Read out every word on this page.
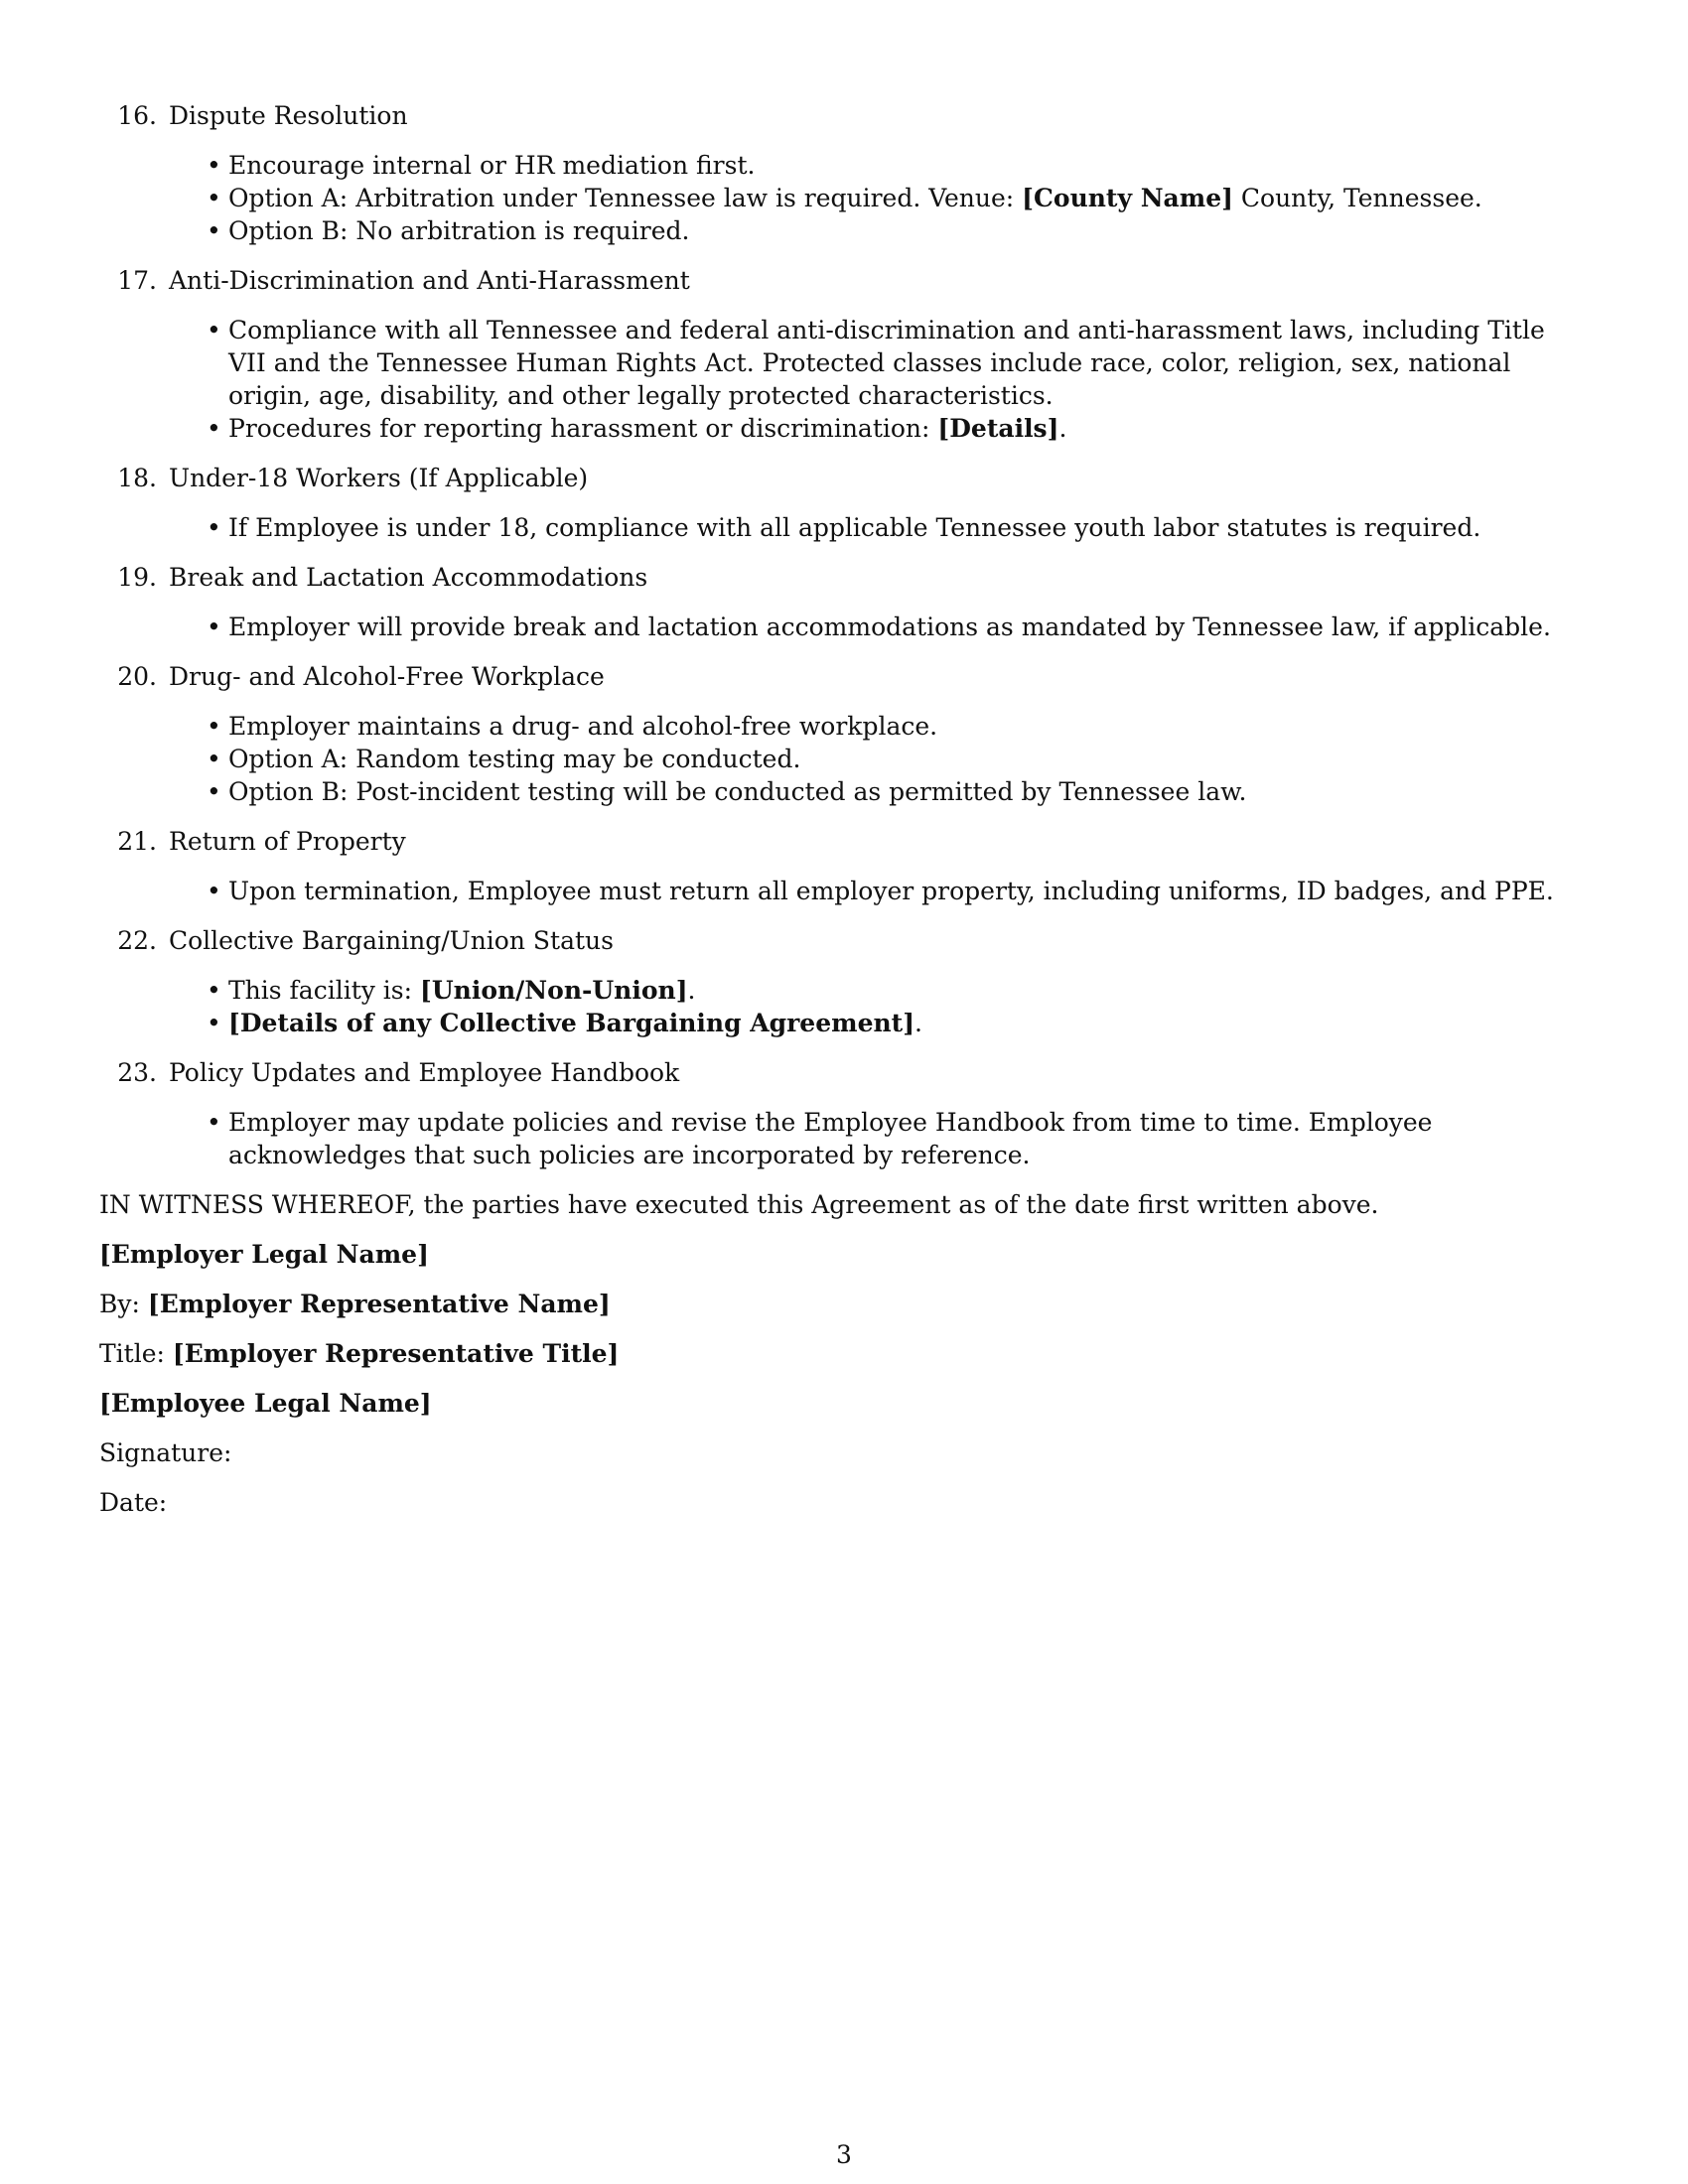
16. Dispute Resolution
• Encourage internal or HR mediation first.
• Option A: Arbitration under Tennessee law is required. Venue: [County Name] County, Tennessee.
• Option B: No arbitration is required.
17. Anti-Discrimination and Anti-Harassment
• Compliance with all Tennessee and federal anti-discrimination and anti-harassment laws, including Title VII and the Tennessee Human Rights Act. Protected classes include race, color, religion, sex, national origin, age, disability, and other legally protected characteristics.
• Procedures for reporting harassment or discrimination: [Details].
18. Under-18 Workers (If Applicable)
• If Employee is under 18, compliance with all applicable Tennessee youth labor statutes is required.
19. Break and Lactation Accommodations
• Employer will provide break and lactation accommodations as mandated by Tennessee law, if applicable.
20. Drug- and Alcohol-Free Workplace
• Employer maintains a drug- and alcohol-free workplace.
• Option A: Random testing may be conducted.
• Option B: Post-incident testing will be conducted as permitted by Tennessee law.
21. Return of Property
• Upon termination, Employee must return all employer property, including uniforms, ID badges, and PPE.
22. Collective Bargaining/Union Status
• This facility is: [Union/Non-Union].
• [Details of any Collective Bargaining Agreement].
23. Policy Updates and Employee Handbook
• Employer may update policies and revise the Employee Handbook from time to time. Employee acknowledges that such policies are incorporated by reference.

IN WITNESS WHEREOF, the parties have executed this Agreement as of the date first written above.

[Employer Legal Name]

By: [Employer Representative Name]

Title: [Employer Representative Title]

[Employee Legal Name]

Signature:

Date:

3
